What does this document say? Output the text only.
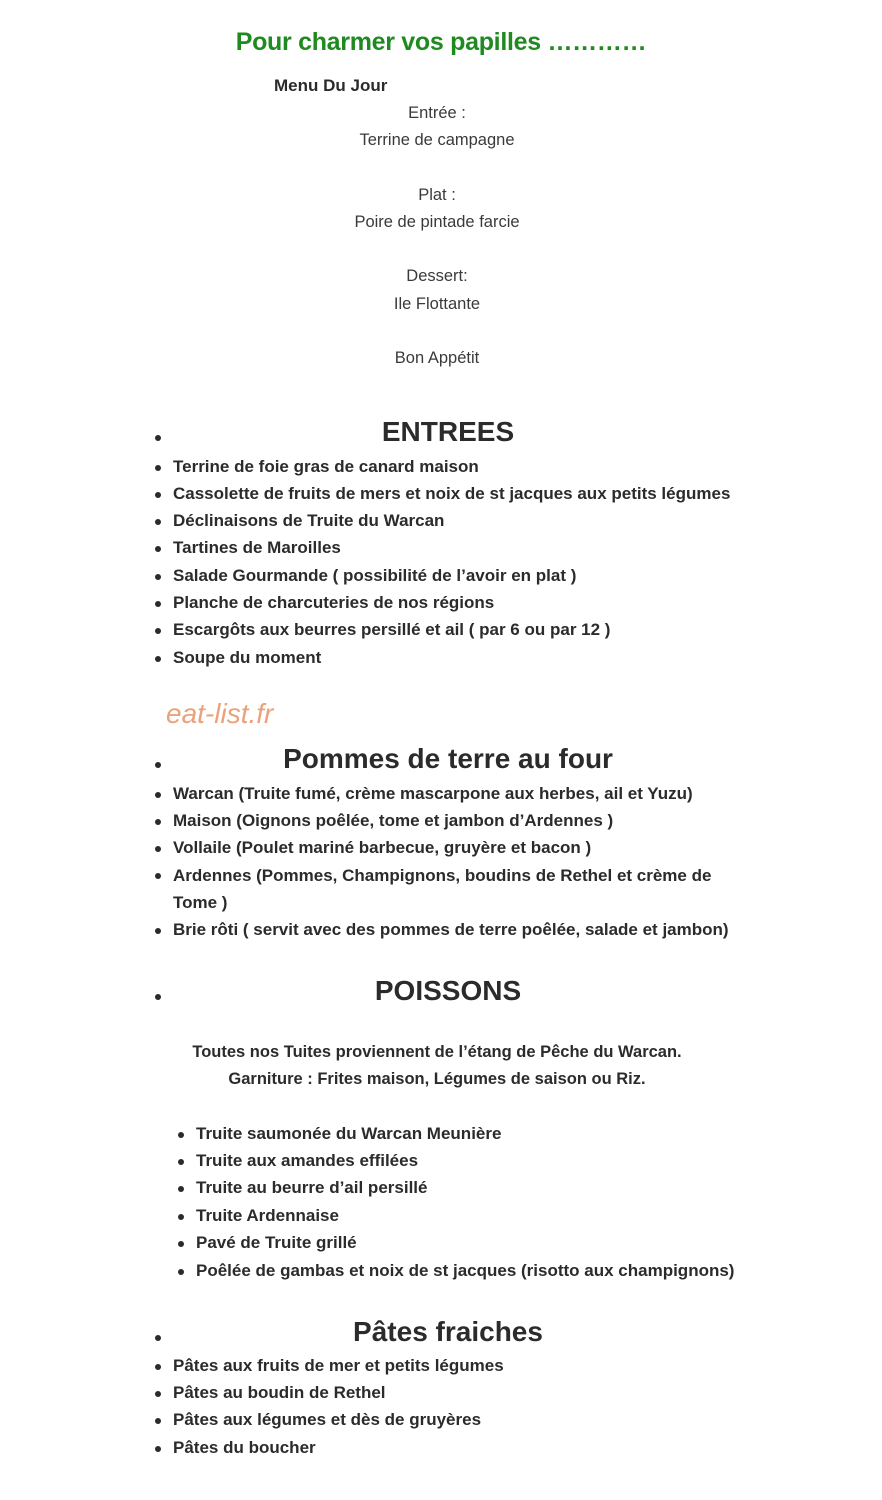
Pour charmer vos papilles …………
Menu Du Jour
Entrée :
Terrine de campagne
Plat :
Poire de pintade farcie
Dessert:
Ile Flottante
Bon Appétit
ENTREES
Terrine de foie gras de canard maison
Cassolette de fruits de mers et noix de st jacques aux petits légumes
Déclinaisons de Truite du Warcan
Tartines de Maroilles
Salade Gourmande ( possibilité de l’avoir en plat )
Planche de charcuteries de nos régions
Escargôts aux beurres persillé et ail ( par 6 ou par 12 )
Soupe du moment
eat-list.fr
Pommes de terre au four
Warcan (Truite fumé, crème mascarpone aux herbes, ail et Yuzu)
Maison (Oignons poêlée, tome et jambon d’Ardennes )
Vollaile (Poulet mariné barbecue, gruyère et bacon )
Ardennes (Pommes, Champignons, boudins de Rethel et crème de Tome )
Brie rôti ( servit avec des pommes de terre poêlée, salade et jambon)
POISSONS
Toutes nos Tuites proviennent de l’étang de Pêche du Warcan.
Garniture : Frites maison, Légumes de saison ou Riz.
Truite saumonée du Warcan Meunière
Truite aux amandes effilées
Truite au beurre d’ail persillé
Truite Ardennaise
Pavé de Truite grillé
Poêlée de gambas et noix de st jacques (risotto aux champignons)
Pâtes fraiches
Pâtes aux fruits de mer et petits légumes
Pâtes au boudin de Rethel
Pâtes aux légumes et dès de gruyères
Pâtes du boucher
